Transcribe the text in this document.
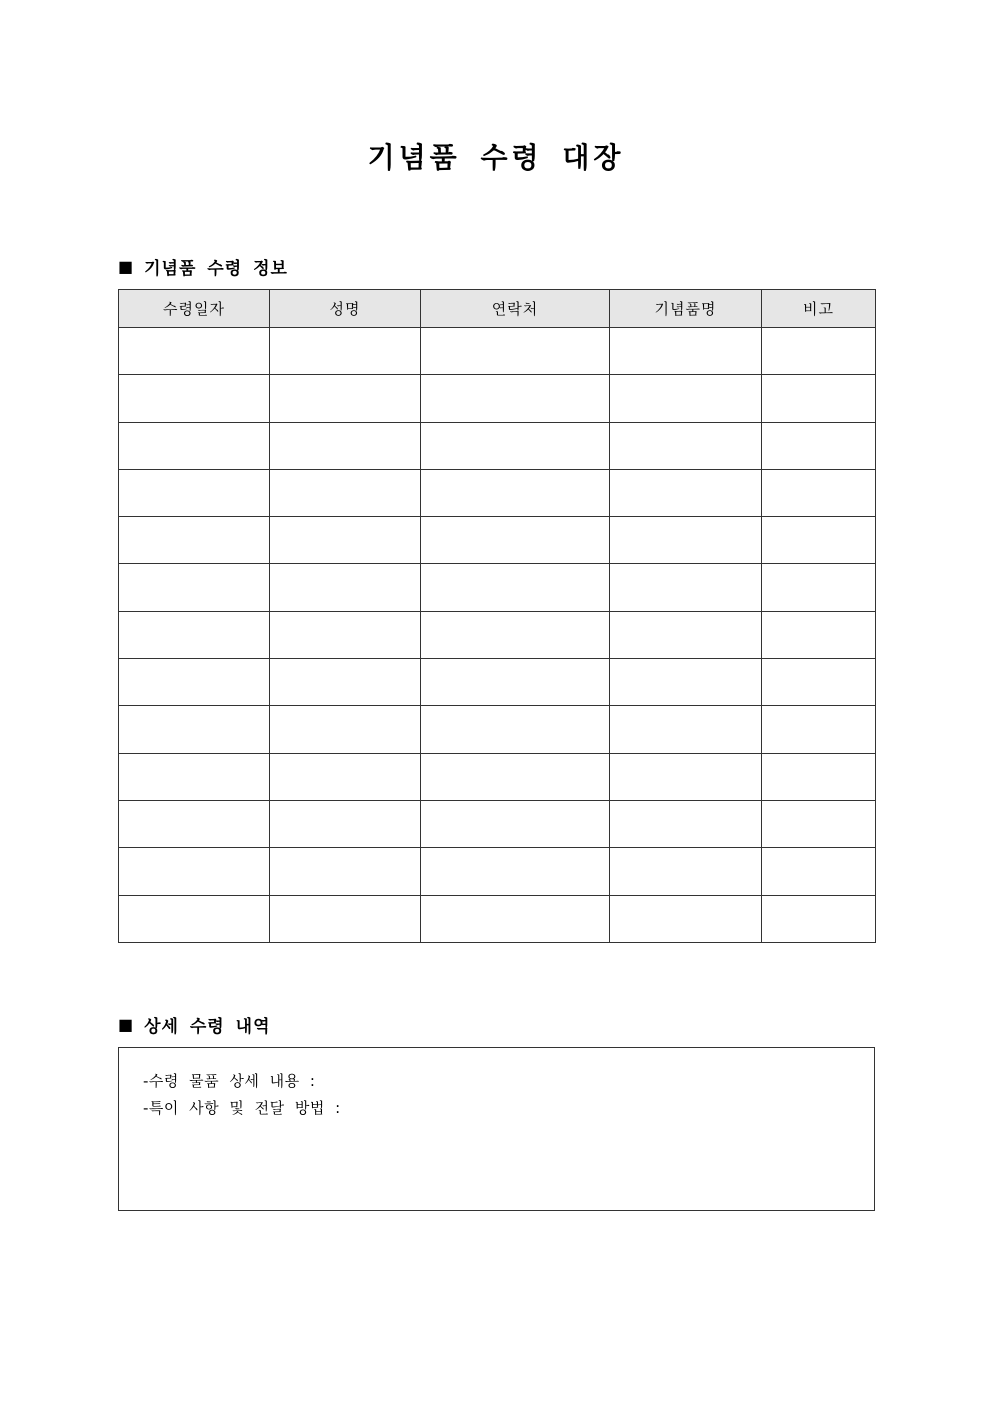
기념품 수령 대장
■ 기념품 수령 정보
수령일자	성명	연락처	기념품명	비고

■ 상세 수령 내역
-수령 물품 상세 내용 :
-특이 사항 및 전달 방법 :
